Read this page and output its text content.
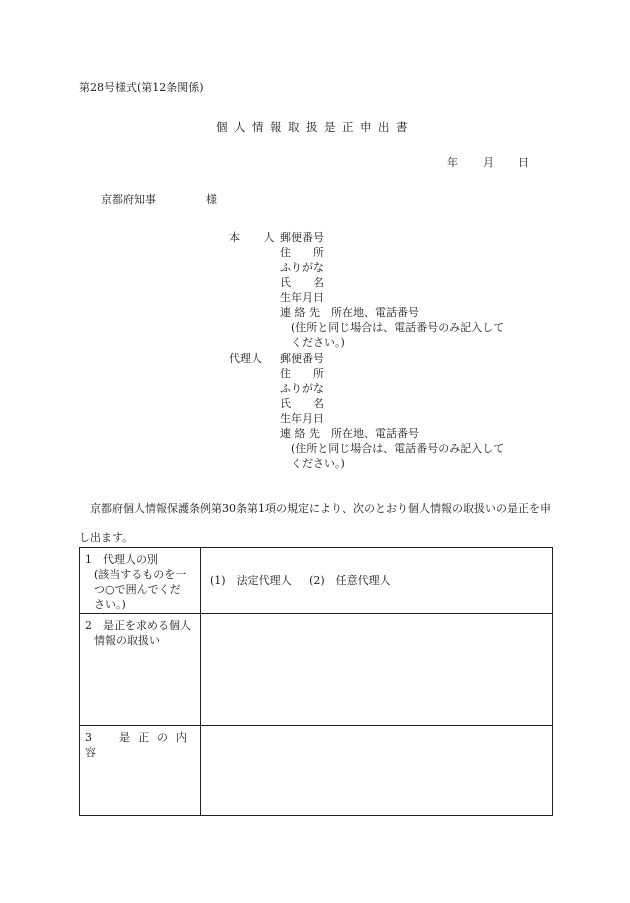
第28号様式(第12条関係)
個人情報取扱是正申出書
年 月 日
京都府知事	様
本 人
郵便番号
住　　所
ふりがな
氏　　名
生年月日
連 絡 先　所在地、電話番号
(住所と同じ場合は、電話番号のみ記入して
ください。)
代理人 郵便番号
住　　所
ふりがな
氏　　名
生年月日
連 絡 先　所在地、電話番号
(住所と同じ場合は、電話番号のみ記入して
ください。)
京都府個人情報保護条例第30条第1項の規定により、次のとおり個人情報の取扱いの是正を申し出ます。
1　代理人の別
(該当するものを一
つ○で囲んでくだ
さい。)	(1)　法定代理人 (2)　任意代理人
2　是正を求める個人
情報の取扱い	

3　是正の内容	
